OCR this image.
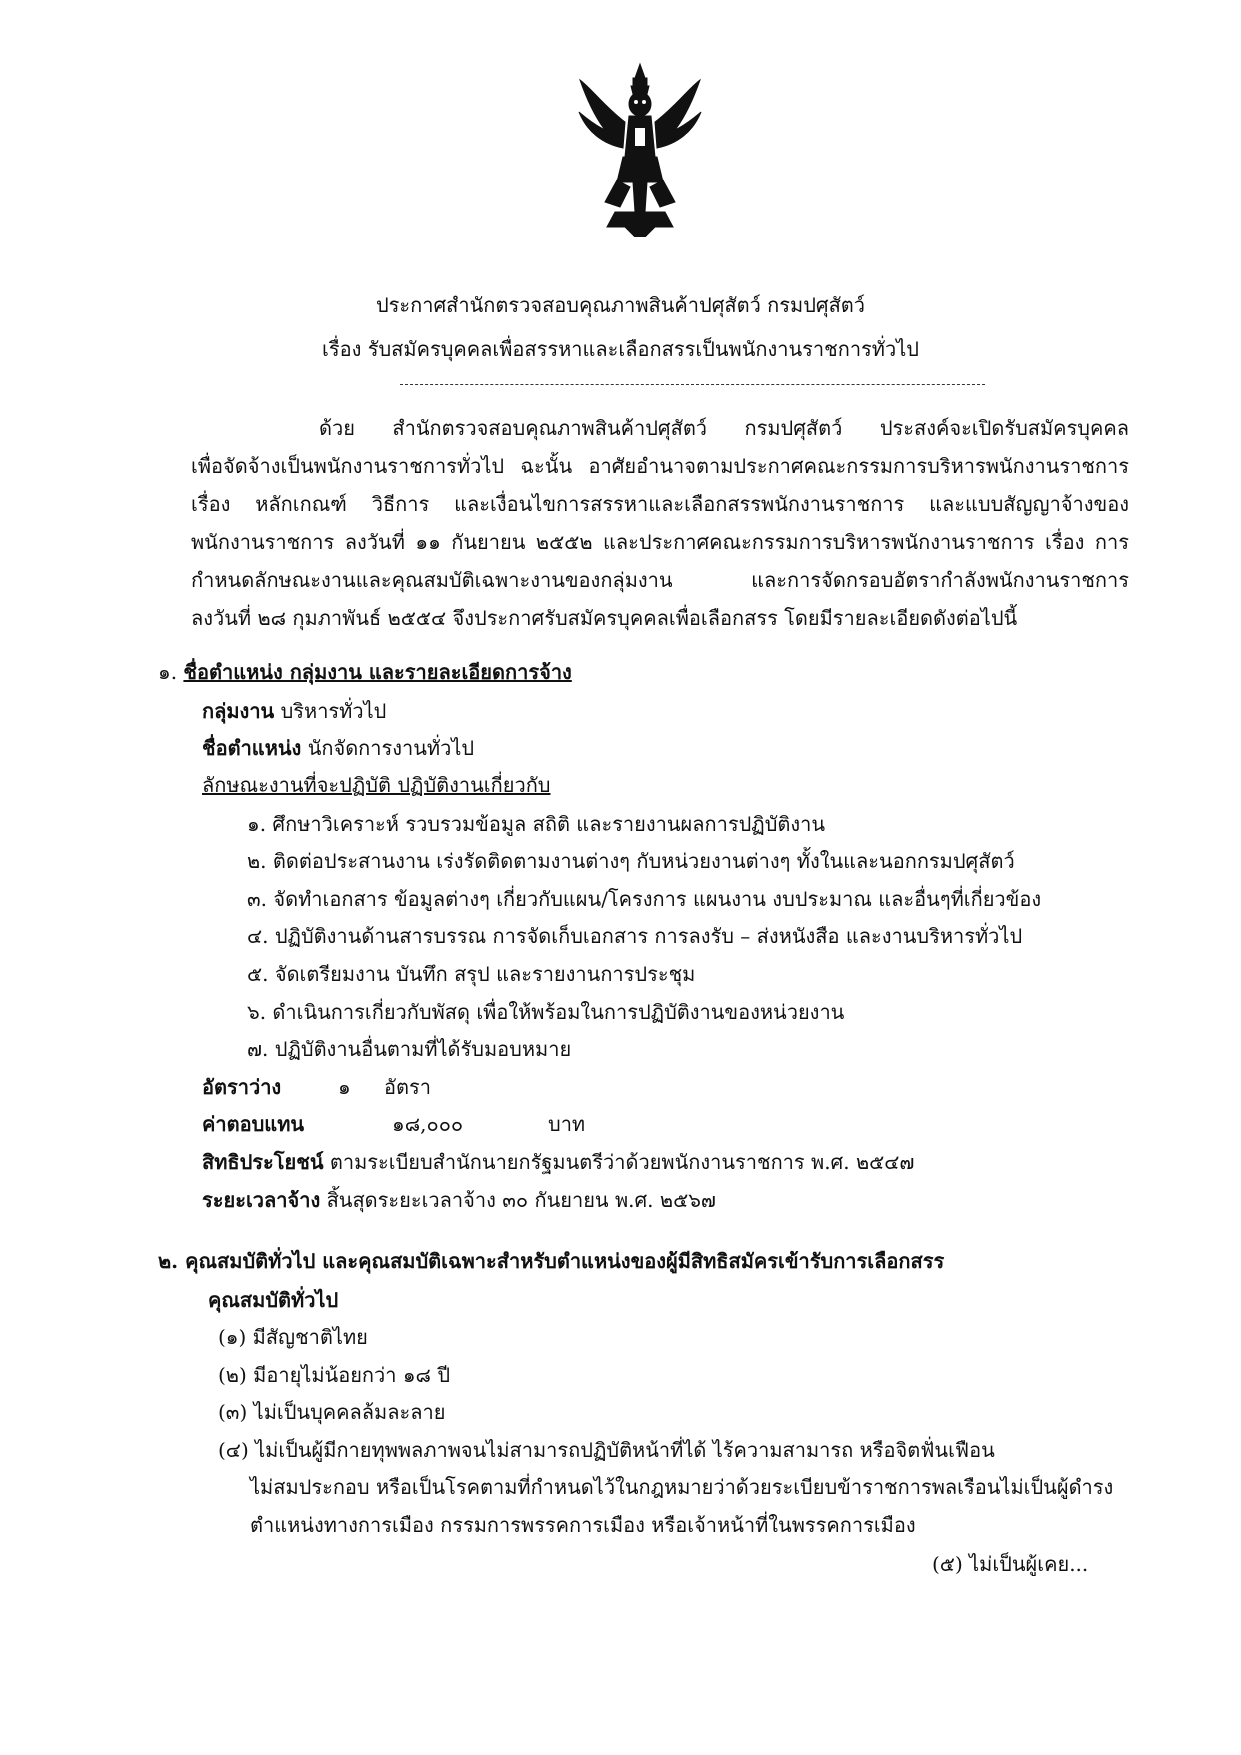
ประกาศสำนักตรวจสอบคุณภาพสินค้าปศุสัตว์ กรมปศุสัตว์
เรื่อง รับสมัครบุคคลเพื่อสรรหาและเลือกสรรเป็นพนักงานราชการทั่วไป
ด้วย สำนักตรวจสอบคุณภาพสินค้าปศุสัตว์ กรมปศุสัตว์ ประสงค์จะเปิดรับสมัครบุคคล
เพื่อจัดจ้างเป็นพนักงานราชการทั่วไป ฉะนั้น อาศัยอำนาจตามประกาศคณะกรรมการบริหารพนักงานราชการ
เรื่อง หลักเกณฑ์ วิธีการ และเงื่อนไขการสรรหาและเลือกสรรพนักงานราชการ และแบบสัญญาจ้างของ
พนักงานราชการ ลงวันที่ ๑๑ กันยายน ๒๕๕๒ และประกาศคณะกรรมการบริหารพนักงานราชการ เรื่อง การ
กำหนดลักษณะงานและคุณสมบัติเฉพาะงานของกลุ่มงาน	และการจัดกรอบอัตรากำลังพนักงานราชการ
ลงวันที่ ๒๘ กุมภาพันธ์ ๒๕๕๔ จึงประกาศรับสมัครบุคคลเพื่อเลือกสรร โดยมีรายละเอียดดังต่อไปนี้
๑. ชื่อตำแหน่ง กลุ่มงาน และรายละเอียดการจ้าง
กลุ่มงาน บริหารทั่วไป
ชื่อตำแหน่ง นักจัดการงานทั่วไป
ลักษณะงานที่จะปฏิบัติ ปฏิบัติงานเกี่ยวกับ
๑. ศึกษาวิเคราะห์ รวบรวมข้อมูล สถิติ และรายงานผลการปฏิบัติงาน
๒. ติดต่อประสานงาน เร่งรัดติดตามงานต่างๆ กับหน่วยงานต่างๆ ทั้งในและนอกกรมปศุสัตว์
๓. จัดทำเอกสาร ข้อมูลต่างๆ เกี่ยวกับแผน/โครงการ แผนงาน งบประมาณ และอื่นๆที่เกี่ยวข้อง
๔. ปฏิบัติงานด้านสารบรรณ การจัดเก็บเอกสาร การลงรับ – ส่งหนังสือ และงานบริหารทั่วไป
๕. จัดเตรียมงาน บันทึก สรุป และรายงานการประชุม
๖. ดำเนินการเกี่ยวกับพัสดุ เพื่อให้พร้อมในการปฏิบัติงานของหน่วยงาน
๗. ปฏิบัติงานอื่นตามที่ได้รับมอบหมาย
อัตราว่าง	๑ อัตรา
ค่าตอบแทน	๑๘,๐๐๐	บาท
สิทธิประโยชน์ ตามระเบียบสำนักนายกรัฐมนตรีว่าด้วยพนักงานราชการ พ.ศ. ๒๕๔๗
ระยะเวลาจ้าง สิ้นสุดระยะเวลาจ้าง ๓๐ กันยายน พ.ศ. ๒๕๖๗
๒. คุณสมบัติทั่วไป และคุณสมบัติเฉพาะสำหรับตำแหน่งของผู้มีสิทธิสมัครเข้ารับการเลือกสรร
คุณสมบัติทั่วไป
(๑) มีสัญชาติไทย
(๒) มีอายุไม่น้อยกว่า ๑๘ ปี
(๓) ไม่เป็นบุคคลล้มละลาย
(๔) ไม่เป็นผู้มีกายทุพพลภาพจนไม่สามารถปฏิบัติหน้าที่ได้ ไร้ความสามารถ หรือจิตฟั่นเฟือน
ไม่สมประกอบ หรือเป็นโรคตามที่กำหนดไว้ในกฎหมายว่าด้วยระเบียบข้าราชการพลเรือนไม่เป็นผู้ดำรง
ตำแหน่งทางการเมือง กรรมการพรรคการเมือง หรือเจ้าหน้าที่ในพรรคการเมือง
(๕) ไม่เป็นผู้เคย...
